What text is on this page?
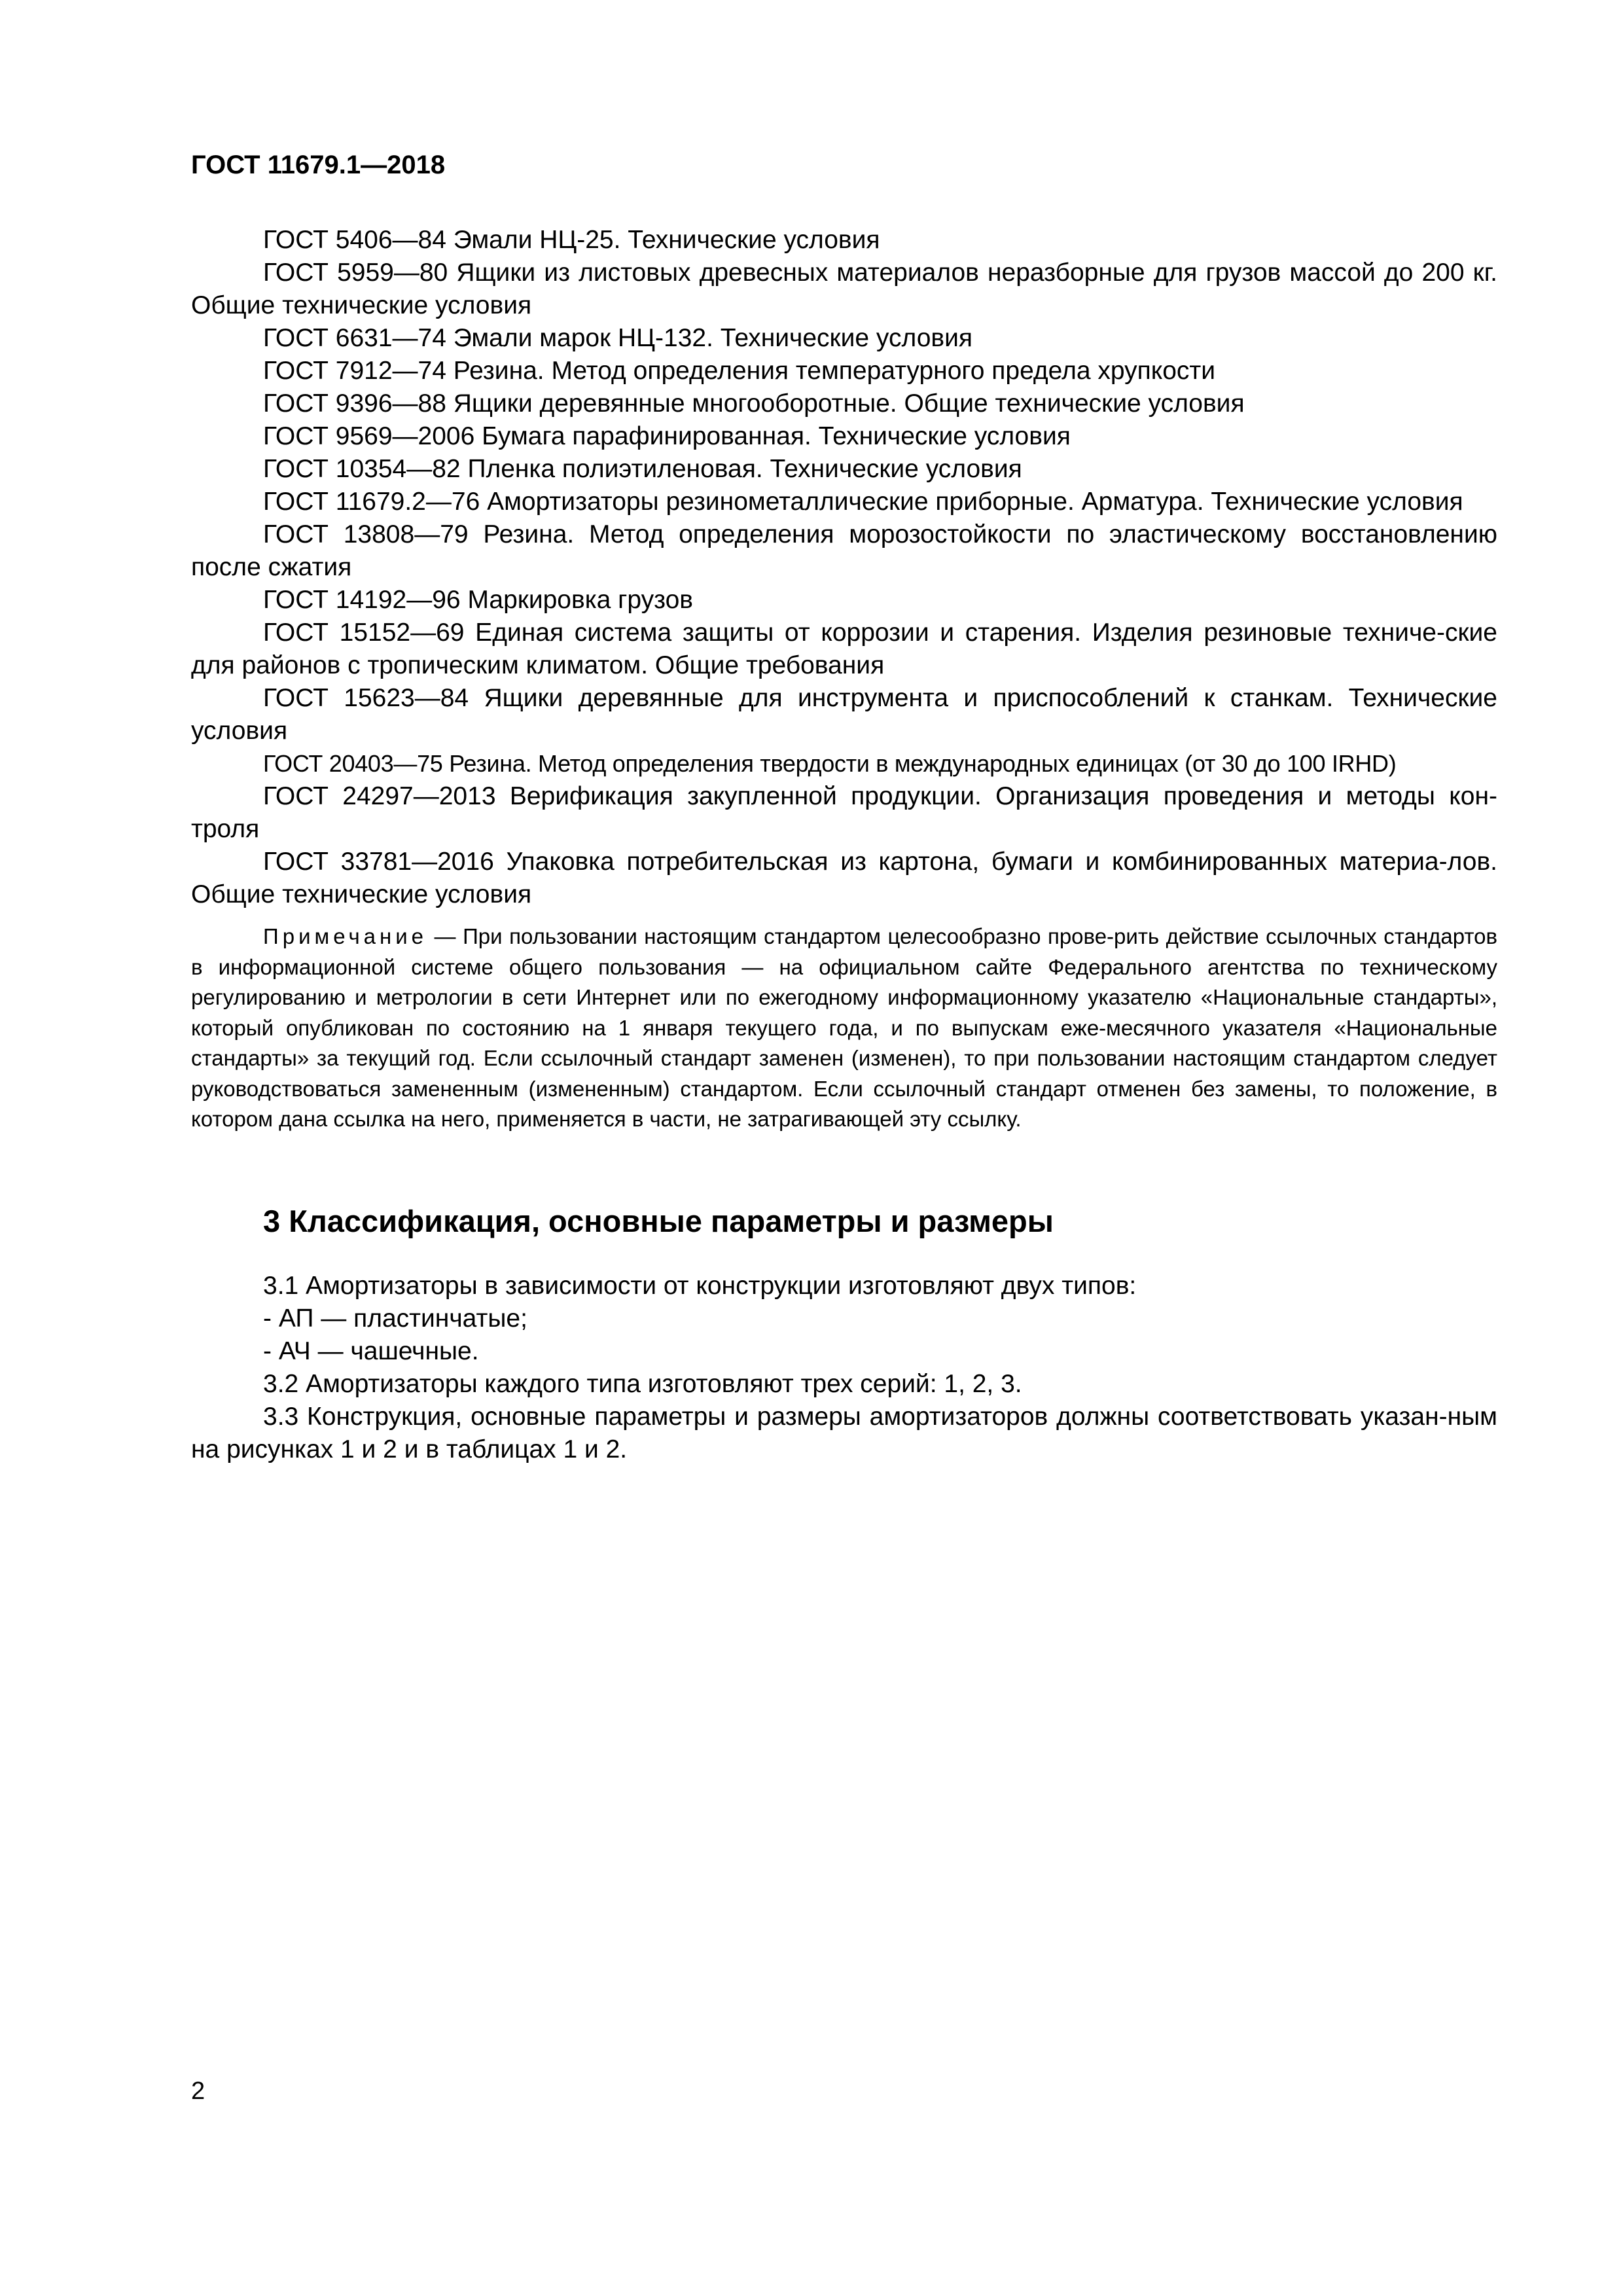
ГОСТ 11679.1—2018

ГОСТ 5406—84 Эмали НЦ-25. Технические условия

ГОСТ 5959—80 Ящики из листовых древесных материалов неразборные для грузов массой до 200 кг. Общие технические условия

ГОСТ 6631—74 Эмали марок НЦ-132. Технические условия

ГОСТ 7912—74 Резина. Метод определения температурного предела хрупкости

ГОСТ 9396—88 Ящики деревянные многооборотные. Общие технические условия

ГОСТ 9569—2006 Бумага парафинированная. Технические условия

ГОСТ 10354—82 Пленка полиэтиленовая. Технические условия

ГОСТ 11679.2—76 Амортизаторы резинометаллические приборные. Арматура. Технические условия

ГОСТ 13808—79 Резина. Метод определения морозостойкости по эластическому восстановлению после сжатия

ГОСТ 14192—96 Маркировка грузов

ГОСТ 15152—69 Единая система защиты от коррозии и старения. Изделия резиновые техниче-ские для районов с тропическим климатом. Общие требования

ГОСТ 15623—84 Ящики деревянные для инструмента и приспособлений к станкам. Технические условия

ГОСТ 20403—75 Резина. Метод определения твердости в международных единицах (от 30 до 100 IRHD)

ГОСТ 24297—2013 Верификация закупленной продукции. Организация проведения и методы кон-троля

ГОСТ 33781—2016 Упаковка потребительская из картона, бумаги и комбинированных материа-лов. Общие технические условия

Примечание — При пользовании настоящим стандартом целесообразно прове-рить действие ссылочных стандартов в информационной системе общего пользования — на официальном сайте Федерального агентства по техническому регулированию и метрологии в сети Интернет или по ежегодному информационному указателю «Национальные стандарты», который опубликован по состоянию на 1 января текущего года, и по выпускам еже-месячного указателя «Национальные стандарты» за текущий год. Если ссылочный стандарт заменен (изменен), то при пользовании настоящим стандартом следует руководствоваться замененным (измененным) стандартом. Если ссылочный стандарт отменен без замены, то положение, в котором дана ссылка на него, применяется в части, не затрагивающей эту ссылку.

3 Классификация, основные параметры и размеры

3.1 Амортизаторы в зависимости от конструкции изготовляют двух типов:

- АП — пластинчатые;

- АЧ — чашечные.

3.2 Амортизаторы каждого типа изготовляют трех серий: 1, 2, 3.

3.3 Конструкция, основные параметры и размеры амортизаторов должны соответствовать указан-ным на рисунках 1 и 2 и в таблицах 1 и 2.

2
